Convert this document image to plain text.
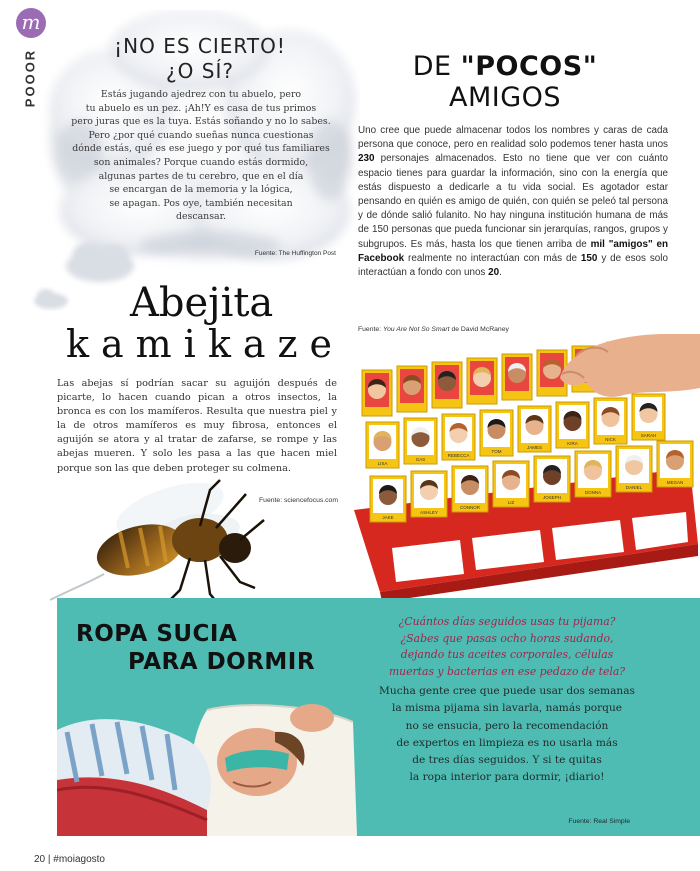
m
POOOR
¡NO ES CIERTO!
¿O SÍ?
Estás jugando ajedrez con tu abuelo, pero
tu abuelo es un pez. ¡Ah!Y es casa de tus primos
pero juras que es la tuya. Estás soñando y no lo sabes.
Pero ¿por qué cuando sueñas nunca cuestionas
dónde estás, qué es ese juego y por qué tus familiares
son animales? Porque cuando estás dormido,
algunas partes de tu cerebro, que en el día
se encargan de la memoria y la lógica,
se apagan. Pos oye, también necesitan
descansar.
Fuente: The Huffington Post
DE "POCOS"
AMIGOS
Uno cree que puede almacenar todos los nombres y caras de cada persona que conoce, pero en realidad solo podemos tener hasta unos 230 personajes almacenados. Esto no tiene que ver con cuánto espacio tienes para guardar la información, sino con la energía que estás dispuesto a dedicarle a tu vida social. Es agotador estar pensando en quién es amigo de quién, con quién se peleó tal persona y de dónde salió fulanito. No hay ninguna institución humana de más de 150 personas que pueda funcionar sin jerarquías, rangos, grupos y subgrupos. Es más, hasta los que tienen arriba de mil "amigos" en Facebook realmente no interactúan con más de 150 y de esos solo interactúan a fondo con unos 20.
Fuente: You Are Not So Smart de David McRaney
LISA
GAS
REBECCA
TOM
JAMES
KIRA
NICK
SARAH
JAKE
ASHLEY
CONNOR
LIZ
JOSEPH
DONNA
DANIEL
MEGAN
Abejita
kamikaze
Las abejas sí podrían sacar su aguijón después de picarte, lo hacen cuando pican a otros insectos, la bronca es con los mamíferos. Resulta que nuestra piel y la de otros mamíferos es muy fibrosa, entonces el aguijón se atora y al tratar de zafarse, se rompe y las abejas mueren. Y solo les pasa a las que hacen miel porque son las que deben proteger su colmena.
Fuente: sciencefocus.com
ROPA SUCIA
PARA DORMIR
¿Cuántos días seguidos usas tu pijama?
¿Sabes que pasas ocho horas sudando,
dejando tus aceites corporales, células
muertas y bacterias en ese pedazo de tela?
Mucha gente cree que puede usar dos semanas
la misma pijama sin lavarla, namás porque
no se ensucia, pero la recomendación
de expertos en limpieza es no usarla más
de tres días seguidos. Y si te quitas
la ropa interior para dormir, ¡diario!
Fuente: Real Simple
20 | #moiagosto
